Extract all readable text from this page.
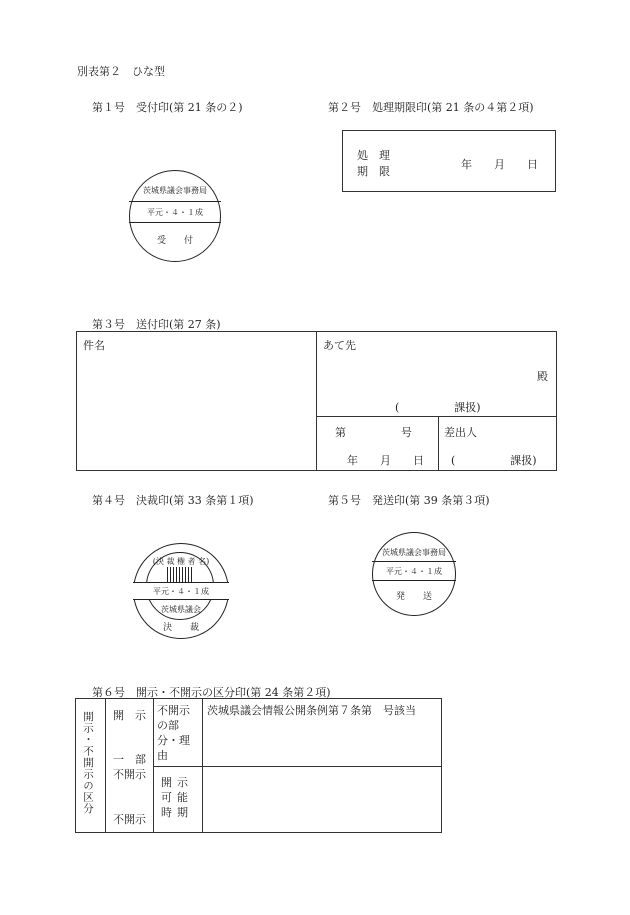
別表第２　ひな型
第１号　受付印(第 21 条の２)
茨城県議会事務局
平元・４・１成
受　　付
第２号　処理期限印(第 21 条の４第２項)
処　理
期　限
年　　月　　日
第３号　送付印(第 27 条)
件名	あて先
殿
(　　　　　課扱)
第　　　　　号
年　　月　　日
差出人
(　　　　　課扱)
第４号　決裁印(第 33 条第１項)
(決 裁 権 者 名)
平元・４・１成
茨城県議会
決　　裁
第５号　発送印(第 39 条第３項)
茨城県議会事務局
平元・４・１成
発　　送
第６号　開示・不開示の区分印(第 24 条第２項)
開示・不開示の区分 開　示
一　部
不開示
不開示
不開示の部分・理由
開示可能時期
茨城県議会情報公開条例第７条第　号該当
